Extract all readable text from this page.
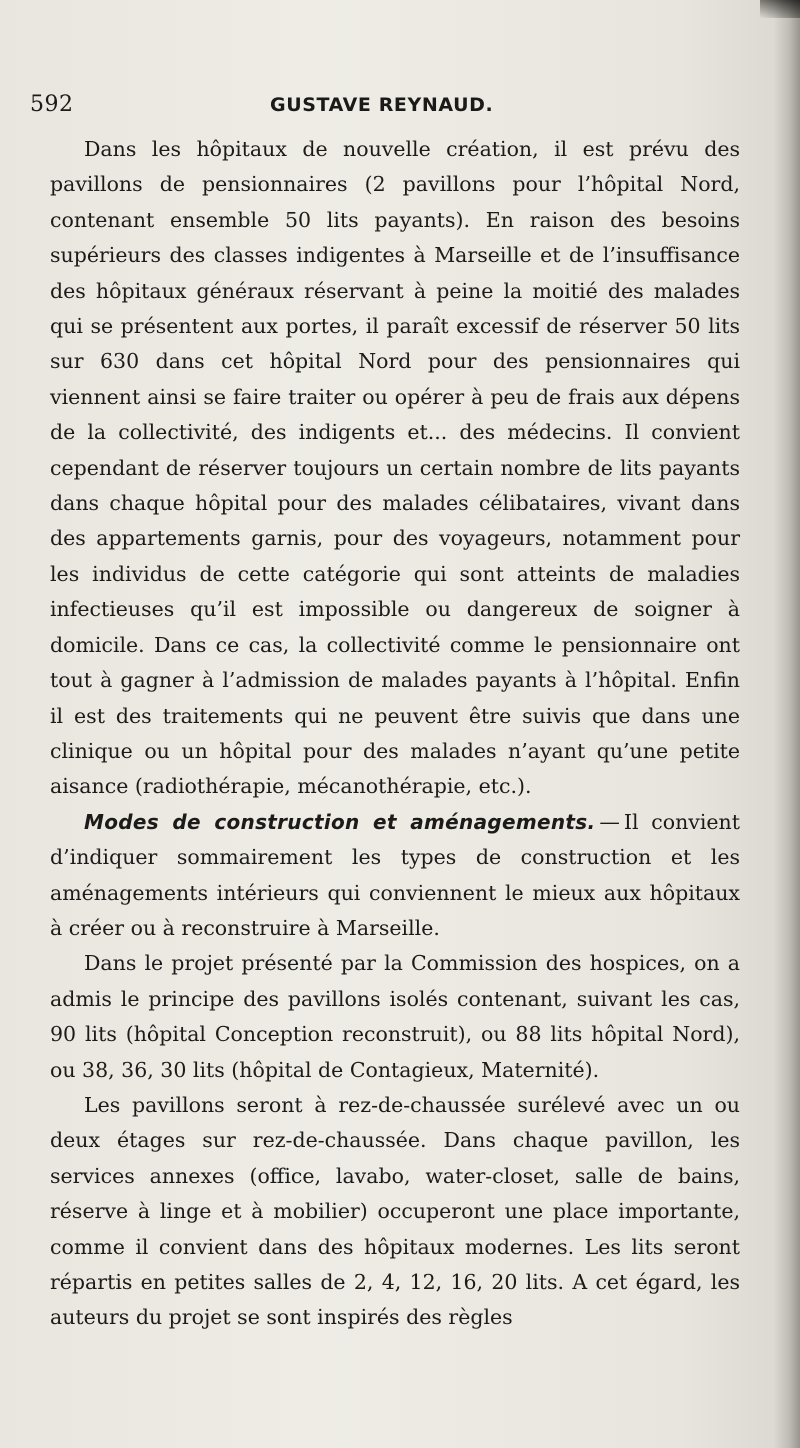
592	GUSTAVE REYNAUD.

Dans les hôpitaux de nouvelle création, il est prévu des pavillons de pensionnaires (2 pavillons pour l’hôpital Nord, contenant ensemble 50 lits payants). En raison des besoins supérieurs des classes indigentes à Marseille et de l’insuffisance des hôpitaux généraux réservant à peine la moitié des malades qui se présentent aux portes, il paraît excessif de réserver 50 lits sur 630 dans cet hôpital Nord pour des pensionnaires qui viennent ainsi se faire traiter ou opérer à peu de frais aux dépens de la collectivité, des indigents et... des médecins. Il convient cependant de réserver toujours un certain nombre de lits payants dans chaque hôpital pour des malades célibataires, vivant dans des appartements garnis, pour des voyageurs, notamment pour les individus de cette catégorie qui sont atteints de maladies infectieuses qu’il est impossible ou dangereux de soigner à domicile. Dans ce cas, la collectivité comme le pensionnaire ont tout à gagner à l’admission de malades payants à l’hôpital. Enfin il est des traitements qui ne peuvent être suivis que dans une clinique ou un hôpital pour des malades n’ayant qu’une petite aisance (radiothérapie, mécanothérapie, etc.).

Modes de construction et aménagements. — Il convient d’indiquer sommairement les types de construction et les aménagements intérieurs qui conviennent le mieux aux hôpitaux à créer ou à reconstruire à Marseille.

Dans le projet présenté par la Commission des hospices, on a admis le principe des pavillons isolés contenant, suivant les cas, 90 lits (hôpital Conception reconstruit), ou 88 lits hôpital Nord), ou 38, 36, 30 lits (hôpital de Contagieux, Maternité).

Les pavillons seront à rez-de-chaussée surélevé avec un ou deux étages sur rez-de-chaussée. Dans chaque pavillon, les services annexes (office, lavabo, water-closet, salle de bains, réserve à linge et à mobilier) occuperont une place importante, comme il convient dans des hôpitaux modernes. Les lits seront répartis en petites salles de 2, 4, 12, 16, 20 lits. A cet égard, les auteurs du projet se sont inspirés des règles
